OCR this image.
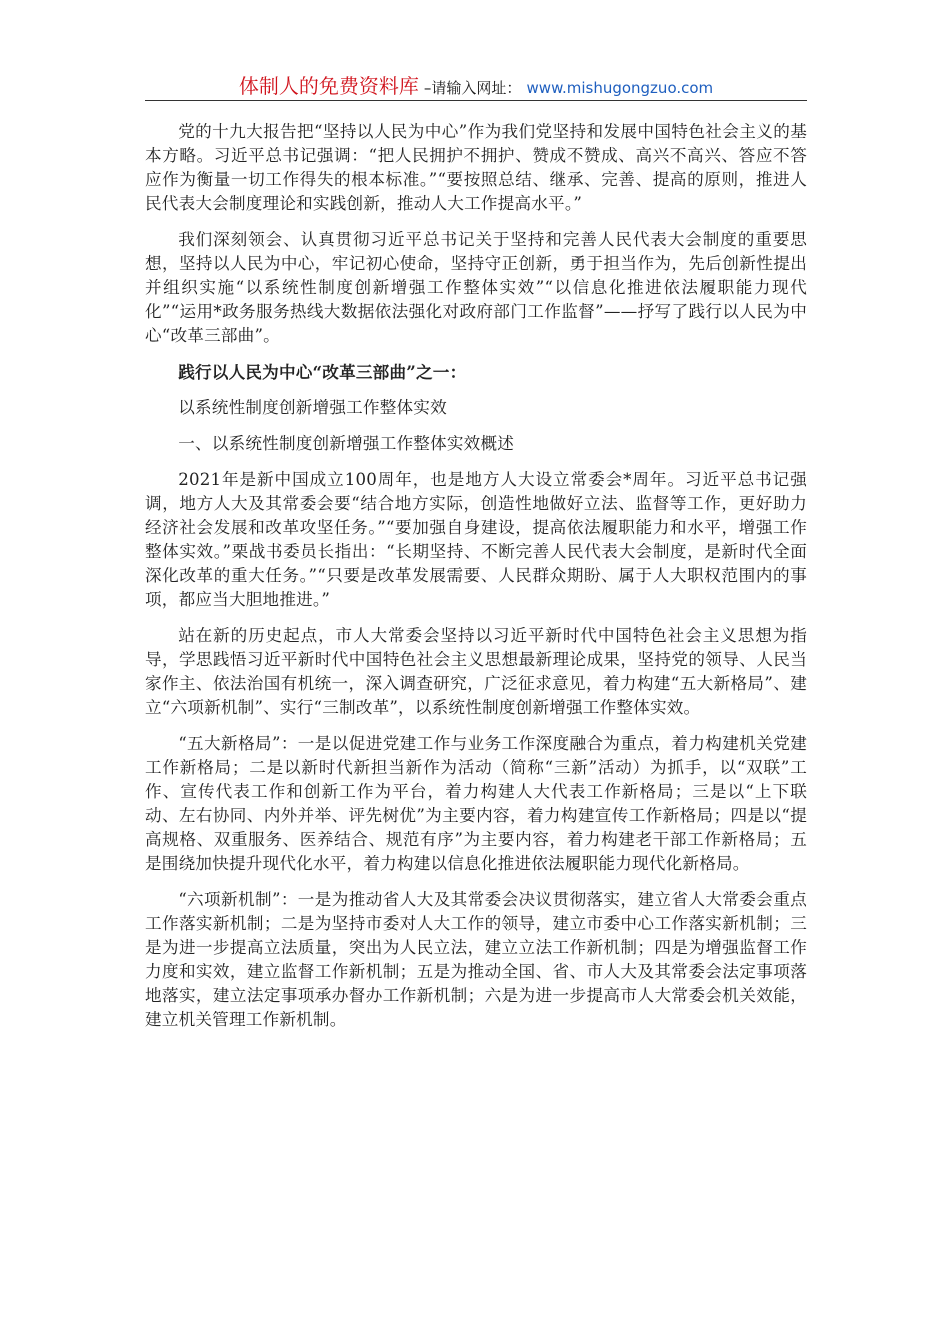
体制人的免费资料库 –请输入网址： www.mishugongzuo.com

党的十九大报告把“坚持以人民为中心”作为我们党坚持和发展中国特色社会主义的基本方略。习近平总书记强调：“把人民拥护不拥护、赞成不赞成、高兴不高兴、答应不答应作为衡量一切工作得失的根本标准。”“要按照总结、继承、完善、提高的原则，推进人民代表大会制度理论和实践创新，推动人大工作提高水平。”

我们深刻领会、认真贯彻习近平总书记关于坚持和完善人民代表大会制度的重要思想，坚持以人民为中心，牢记初心使命，坚持守正创新，勇于担当作为，先后创新性提出并组织实施“以系统性制度创新增强工作整体实效”“以信息化推进依法履职能力现代化”“运用*政务服务热线大数据依法强化对政府部门工作监督”——抒写了践行以人民为中心“改革三部曲”。

践行以人民为中心“改革三部曲”之一：

以系统性制度创新增强工作整体实效

一、以系统性制度创新增强工作整体实效概述

2021年是新中国成立100周年，也是地方人大设立常委会*周年。习近平总书记强调，地方人大及其常委会要“结合地方实际，创造性地做好立法、监督等工作，更好助力经济社会发展和改革攻坚任务。”“要加强自身建设，提高依法履职能力和水平，增强工作整体实效。”栗战书委员长指出：“长期坚持、不断完善人民代表大会制度，是新时代全面深化改革的重大任务。”“只要是改革发展需要、人民群众期盼、属于人大职权范围内的事项，都应当大胆地推进。”

站在新的历史起点，市人大常委会坚持以习近平新时代中国特色社会主义思想为指导，学思践悟习近平新时代中国特色社会主义思想最新理论成果，坚持党的领导、人民当家作主、依法治国有机统一，深入调查研究，广泛征求意见，着力构建“五大新格局”、建立“六项新机制”、实行“三制改革”，以系统性制度创新增强工作整体实效。

“五大新格局”：一是以促进党建工作与业务工作深度融合为重点，着力构建机关党建工作新格局；二是以新时代新担当新作为活动（简称“三新”活动）为抓手，以“双联”工作、宣传代表工作和创新工作为平台，着力构建人大代表工作新格局；三是以“上下联动、左右协同、内外并举、评先树优”为主要内容，着力构建宣传工作新格局；四是以“提高规格、双重服务、医养结合、规范有序”为主要内容，着力构建老干部工作新格局；五是围绕加快提升现代化水平，着力构建以信息化推进依法履职能力现代化新格局。

“六项新机制”：一是为推动省人大及其常委会决议贯彻落实，建立省人大常委会重点工作落实新机制；二是为坚持市委对人大工作的领导，建立市委中心工作落实新机制；三是为进一步提高立法质量，突出为人民立法，建立立法工作新机制；四是为增强监督工作力度和实效，建立监督工作新机制；五是为推动全国、省、市人大及其常委会法定事项落地落实，建立法定事项承办督办工作新机制；六是为进一步提高市人大常委会机关效能，建立机关管理工作新机制。
